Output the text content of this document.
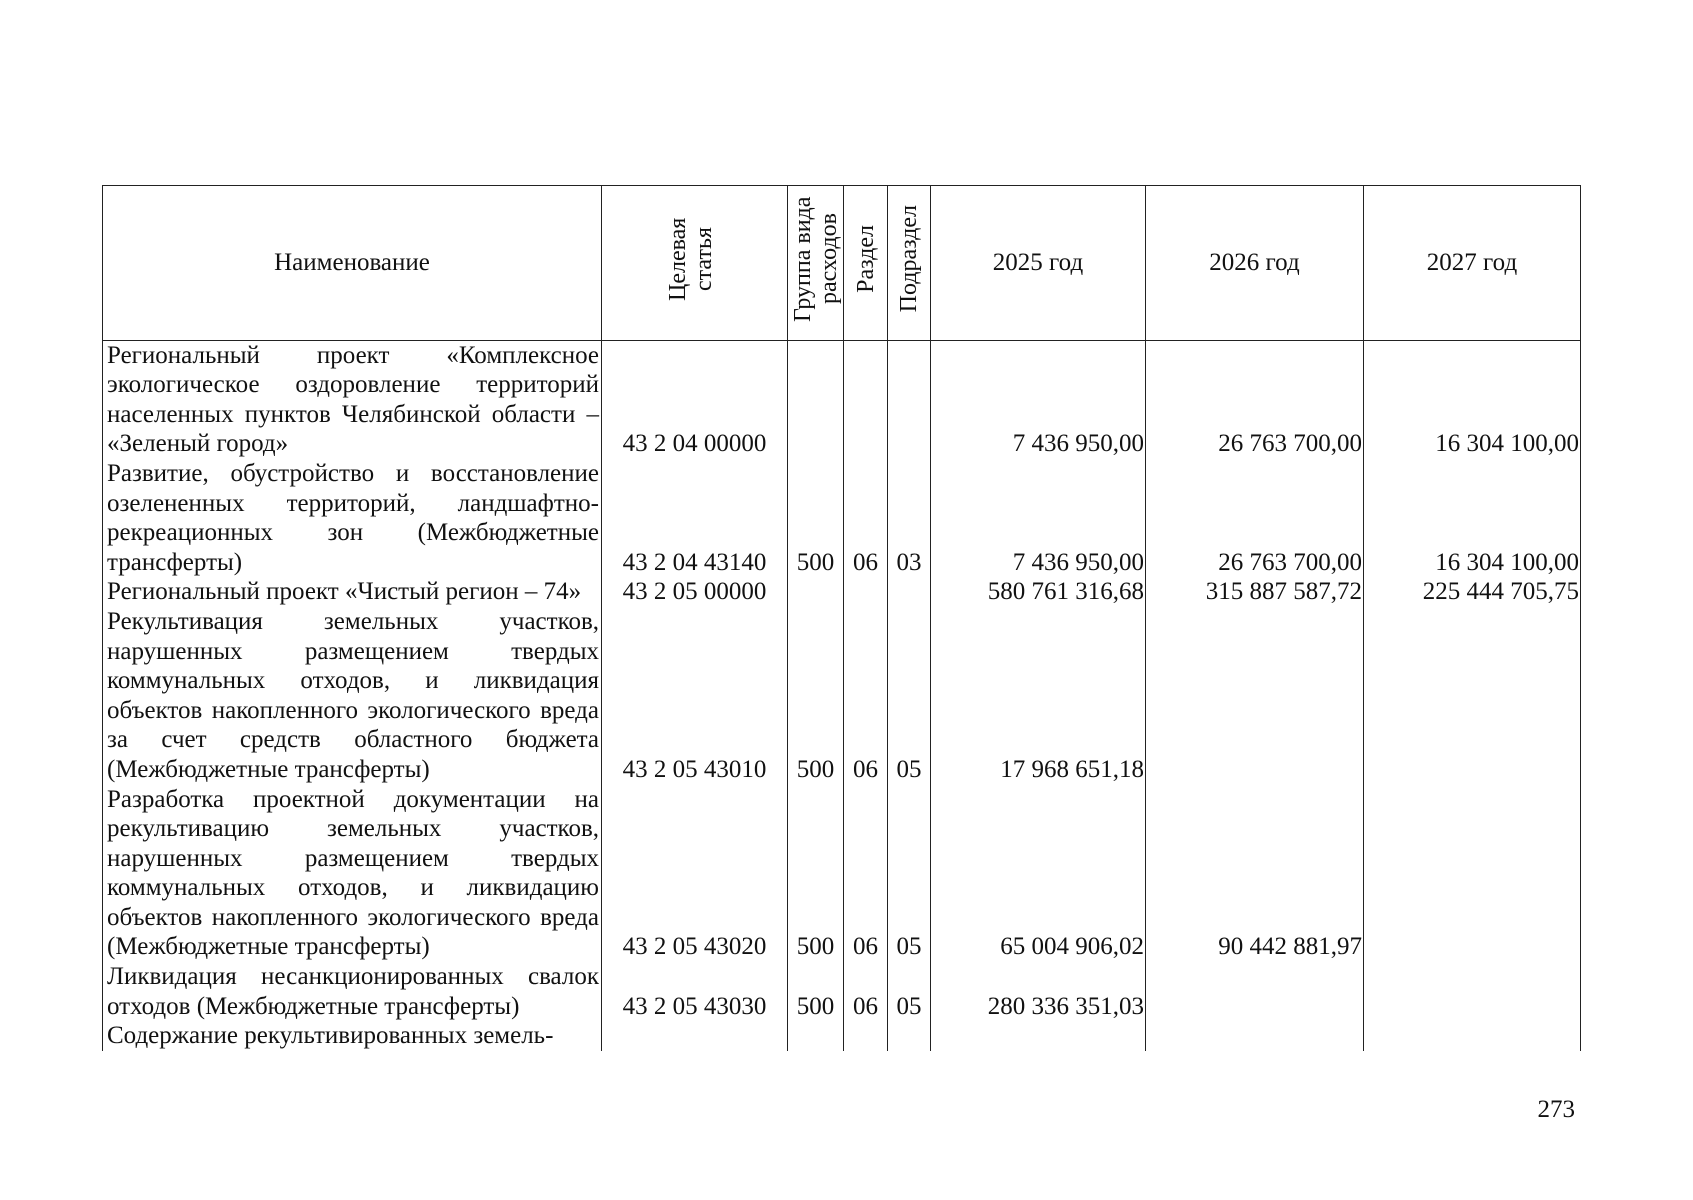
Наименование	Целевая статья	Группа вида расходов	Раздел	Подраздел	2025 год	2026 год	2027 год
Региональный проект «Комплексное экологическое оздоровление территорий населенных пунктов Челябинской области – «Зеленый город»	43 2 04 00000				7 436 950,00	26 763 700,00	16 304 100,00
Развитие, обустройство и восстановление озелененных территорий, ландшафтно-рекреационных зон (Межбюджетные трансферты)	43 2 04 43140	500	06	03	7 436 950,00	26 763 700,00	16 304 100,00
Региональный проект «Чистый регион – 74»	43 2 05 00000				580 761 316,68	315 887 587,72	225 444 705,75
Рекультивация земельных участков, нарушенных размещением твердых коммунальных отходов, и ликвидация объектов накопленного экологического вреда за счет средств областного бюджета (Межбюджетные трансферты)	43 2 05 43010	500	06	05	17 968 651,18		
Разработка проектной документации на рекультивацию земельных участков, нарушенных размещением твердых коммунальных отходов, и ликвидацию объектов накопленного экологического вреда (Межбюджетные трансферты)	43 2 05 43020	500	06	05	65 004 906,02	90 442 881,97	
Ликвидация несанкционированных свалок отходов (Межбюджетные трансферты)	43 2 05 43030	500	06	05	280 336 351,03		
Содержание рекультивированных земель-							
273
